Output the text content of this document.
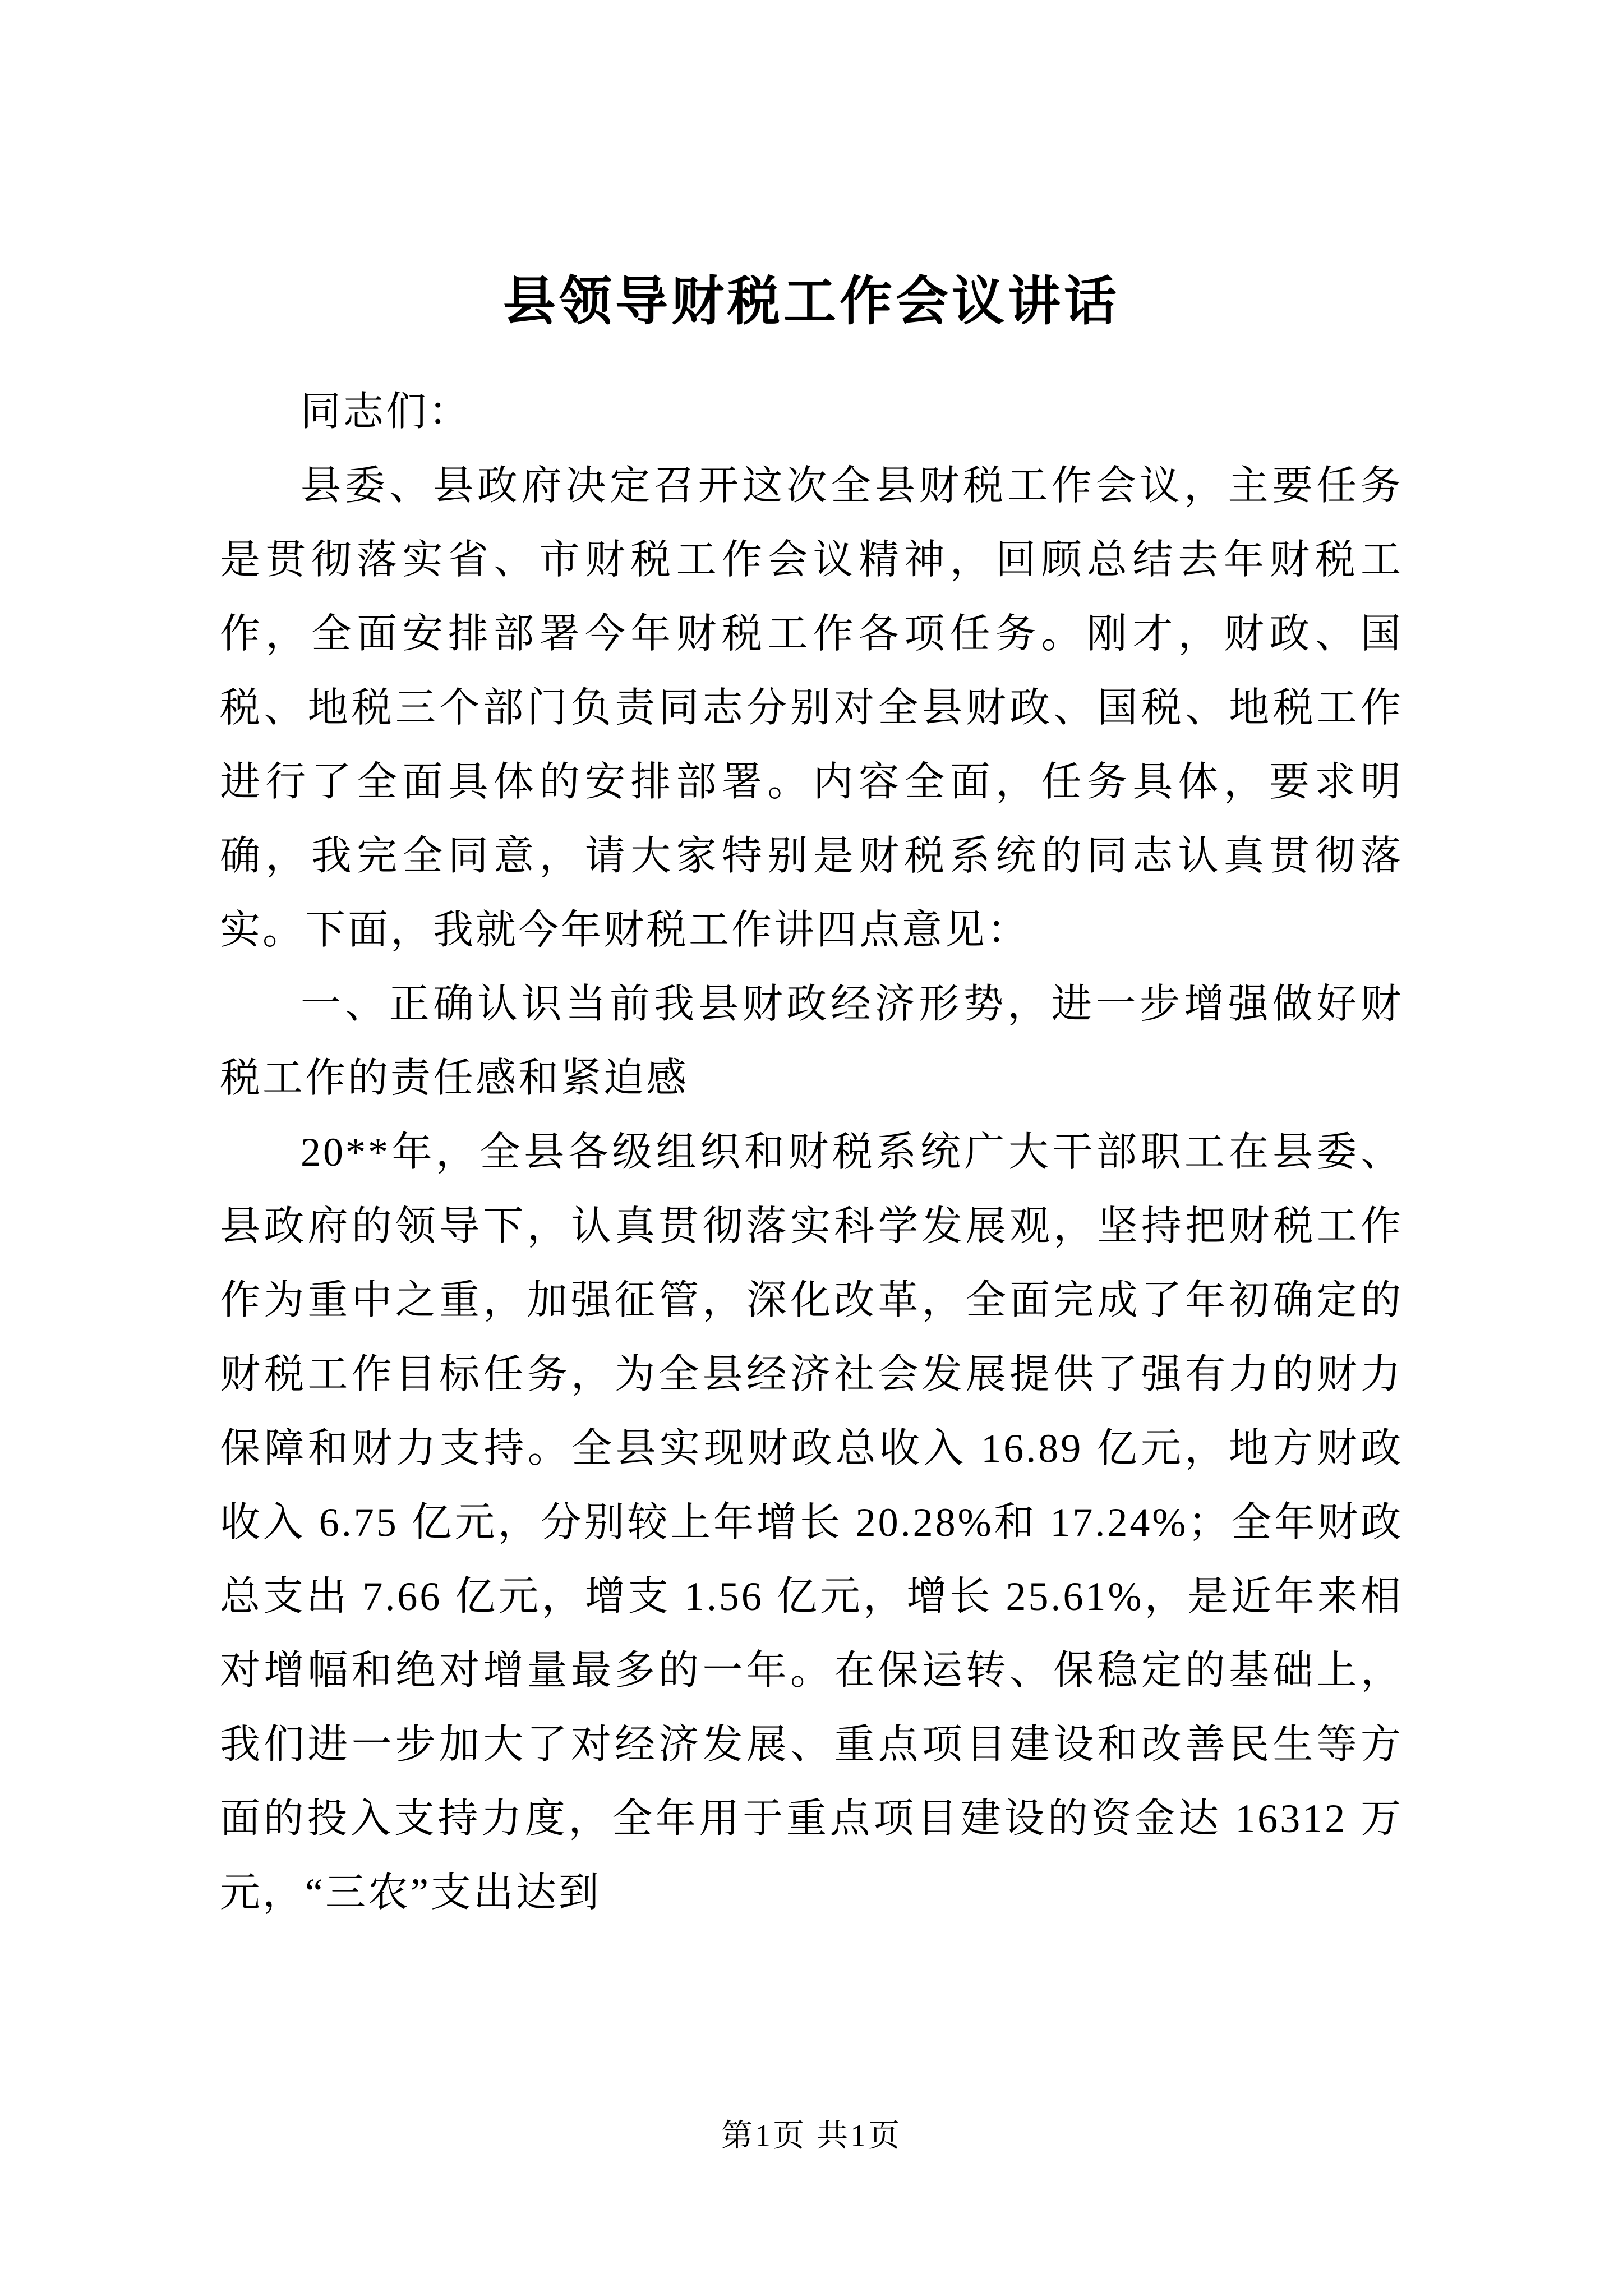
县领导财税工作会议讲话

同志们：

县委、县政府决定召开这次全县财税工作会议，主要任务是贯彻落实省、市财税工作会议精神，回顾总结去年财税工作，全面安排部署今年财税工作各项任务。刚才，财政、国税、地税三个部门负责同志分别对全县财政、国税、地税工作进行了全面具体的安排部署。内容全面，任务具体，要求明确，我完全同意，请大家特别是财税系统的同志认真贯彻落实。下面，我就今年财税工作讲四点意见：

一、正确认识当前我县财政经济形势，进一步增强做好财税工作的责任感和紧迫感

20**年，全县各级组织和财税系统广大干部职工在县委、县政府的领导下，认真贯彻落实科学发展观，坚持把财税工作作为重中之重，加强征管，深化改革，全面完成了年初确定的财税工作目标任务，为全县经济社会发展提供了强有力的财力保障和财力支持。全县实现财政总收入 16.89 亿元，地方财政收入 6.75 亿元，分别较上年增长 20.28%和 17.24%；全年财政总支出 7.66 亿元，增支 1.56 亿元，增长 25.61%，是近年来相对增幅和绝对增量最多的一年。在保运转、保稳定的基础上，我们进一步加大了对经济发展、重点项目建设和改善民生等方面的投入支持力度，全年用于重点项目建设的资金达 16312 万元，“三农”支出达到

第1页 共1页
